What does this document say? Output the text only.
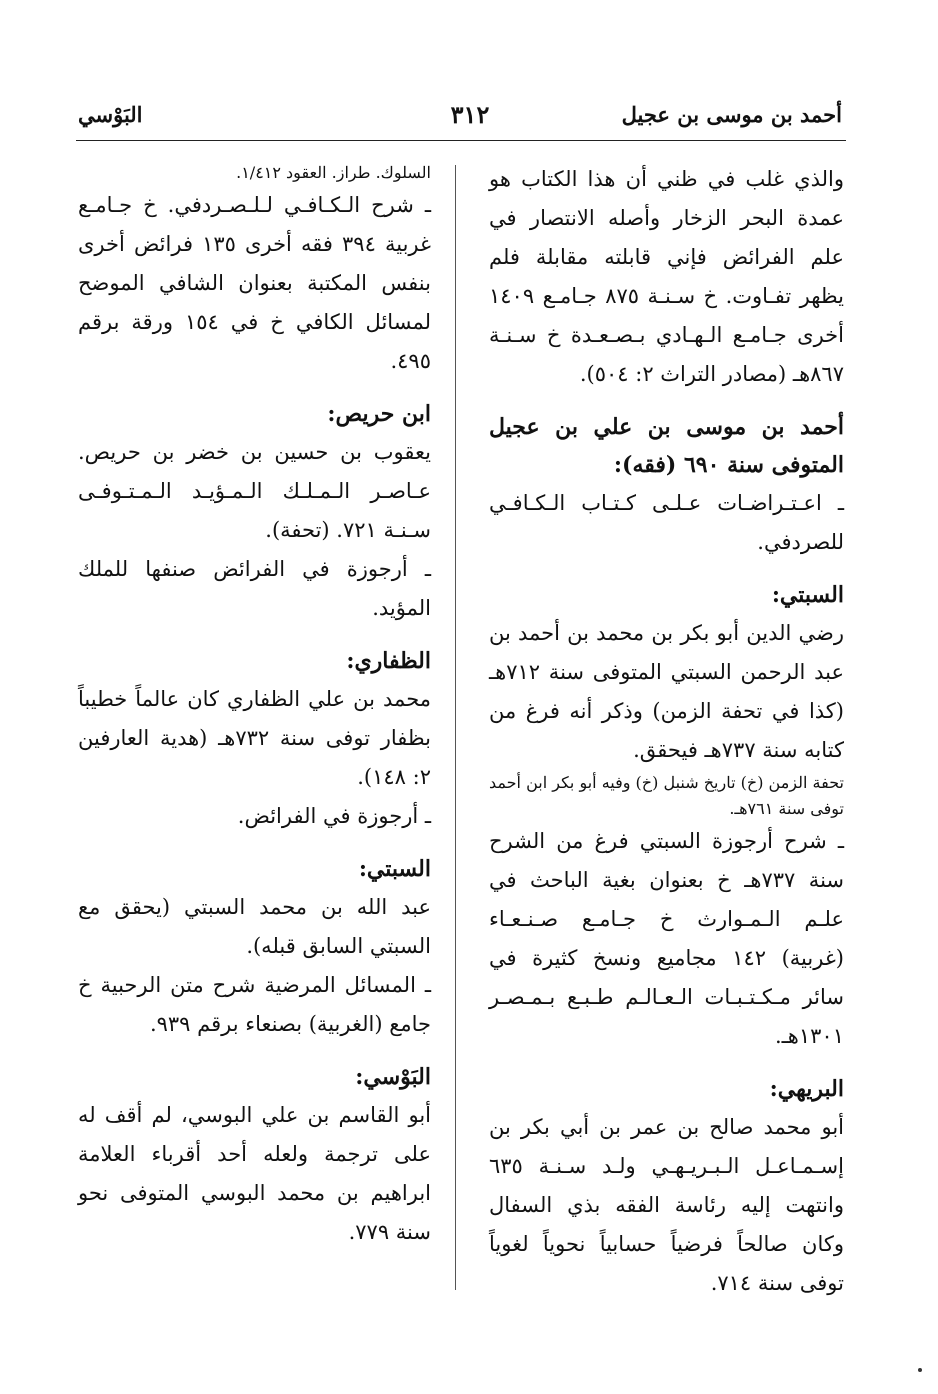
البَوْسي	٣١٢	أحمد بن موسى بن عجيل

والذي غلب في ظني أن هذا الكتاب هو عمدة البحر الزخار وأصله الانتصار في علم الفرائض فإني قابلته مقابلة فلم يظهر تفـاوت. خ سـنـة ٨٧٥ جـامـع ١٤٠٩ أخرى جـامـع الـهـادي بـصـعـدة خ سـنـة ٨٦٧هـ (مصادر التراث ٢: ٥٠٤).

أحمد بن موسى بن علي بن عجيل المتوفى سنة ٦٩٠ (فقه):

ـ اعـتـراضـات عـلـى كـتـاب الـكـافـي للصردفي.

السبتي:

رضي الدين أبو بكر بن محمد بن أحمد بن عبد الرحمن السبتي المتوفى سنة ٧١٢هـ (كذا في تحفة الزمن) وذكر أنه فرغ من كتابه سنة ٧٣٧هـ فيحقق.

تحفة الزمن (خ) تاريخ شنبل (خ) وفيه أبو بكر ابن أحمد توفى سنة ٧٦١هـ.

ـ شرح أرجوزة السبتي فرغ من الشرح سنة ٧٣٧هـ خ بعنوان بغية الباحث في علـم الـمـوارث خ جـامـع صـنـعـاء (غربية) ١٤٢ مجاميع ونسخ كثيرة في سائر مـكـتـبـات الـعـالـم طـبـع بـمـصـر ١٣٠١هـ.

البريهي:

أبو محمد صالح بن عمر بن أبي بكر بن إسـمـاعـل الـبـريـهـي ولـد سـنـة ٦٣٥ وانتهت إليه رئاسة الفقه بذي السفال وكان صالحاً فرضياً حسابياً نحوياً لغوياً توفى سنة ٧١٤.

السلوك. طراز. العقود ١/٤١٢.

ـ شرح الـكـافـي لـلـصـردفي. خ جـامـع غربية ٣٩٤ فقه أخرى ١٣٥ فرائض أخرى بنفس المكتبة بعنوان الشافي الموضح لمسائل الكافي خ في ١٥٤ ورقة برقم ٤٩٥.

ابن حريص:

يعقوب بن حسين بن خضر بن حريص. عـاصـر الـمـلـك الـمـؤيـد الـمـتـوفـى سـنـة ٧٢١. (تحفة).

ـ أرجوزة في الفرائض صنفها للملك المؤيد.

الظفاري:

محمد بن علي الظفاري كان عالماً خطيباً بظفار توفى سنة ٧٣٢هـ (هدية العارفين ٢: ١٤٨).

ـ أرجوزة في الفرائض.

السبتي:

عبد الله بن محمد السبتي (يحقق مع السبتي السابق قبله).

ـ المسائل المرضية شرح متن الرحبية خ جامع (الغربية) بصنعاء برقم ٩٣٩.

البَوْسي:

أبو القاسم بن علي البوسي، لم أقف له على ترجمة ولعله أحد أقرباء العلامة ابراهيم بن محمد البوسي المتوفى نحو سنة ٧٧٩.
